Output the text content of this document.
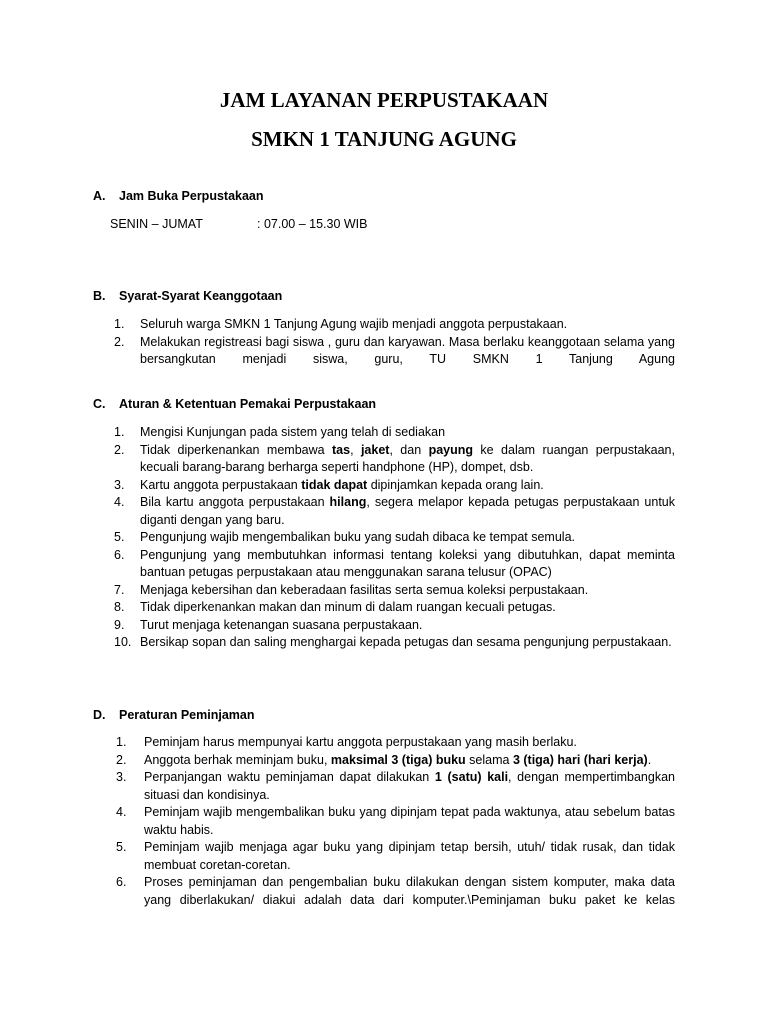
JAM LAYANAN PERPUSTAKAAN
SMKN 1 TANJUNG AGUNG
A. Jam Buka Perpustakaan
SENIN – JUMAT	: 07.00 – 15.30 WIB
B. Syarat-Syarat Keanggotaan
1.	Seluruh warga SMKN 1 Tanjung Agung wajib menjadi anggota perpustakaan.
2.	Melakukan registreasi bagi siswa , guru dan karyawan. Masa berlaku keanggotaan selama yang bersangkutan menjadi siswa, guru, TU SMKN 1 Tanjung Agung
C. Aturan & Ketentuan Pemakai Perpustakaan
1.	Mengisi Kunjungan pada sistem yang telah di sediakan
2.	Tidak diperkenankan membawa tas, jaket, dan payung ke dalam ruangan perpustakaan, kecuali barang-barang berharga seperti handphone (HP), dompet, dsb.
3.	Kartu anggota perpustakaan tidak dapat dipinjamkan kepada orang lain.
4.	Bila kartu anggota perpustakaan hilang, segera melapor kepada petugas perpustakaan untuk diganti dengan yang baru.
5.	Pengunjung wajib mengembalikan buku yang sudah dibaca ke tempat semula.
6.	Pengunjung yang membutuhkan informasi tentang koleksi yang dibutuhkan, dapat meminta bantuan petugas perpustakaan atau menggunakan sarana telusur (OPAC)
7.	Menjaga kebersihan dan keberadaan fasilitas serta semua koleksi perpustakaan.
8.	Tidak diperkenankan makan dan minum di dalam ruangan kecuali petugas.
9.	Turut menjaga ketenangan suasana perpustakaan.
10. Bersikap sopan dan saling menghargai kepada petugas dan sesama pengunjung perpustakaan.
D. Peraturan Peminjaman
1.	Peminjam harus mempunyai kartu anggota perpustakaan yang masih berlaku.
2.	Anggota berhak meminjam buku, maksimal 3 (tiga) buku selama 3 (tiga) hari (hari kerja).
3.	Perpanjangan waktu peminjaman dapat dilakukan 1 (satu) kali, dengan mempertimbangkan situasi dan kondisinya.
4.	Peminjam wajib mengembalikan buku yang dipinjam tepat pada waktunya, atau sebelum batas waktu habis.
5.	Peminjam wajib menjaga agar buku yang dipinjam tetap bersih, utuh/ tidak rusak, dan tidak membuat coretan-coretan.
6.	Proses peminjaman dan pengembalian buku dilakukan dengan sistem komputer, maka data yang diberlakukan/ diakui adalah data dari komputer.\Peminjaman buku paket ke kelas
